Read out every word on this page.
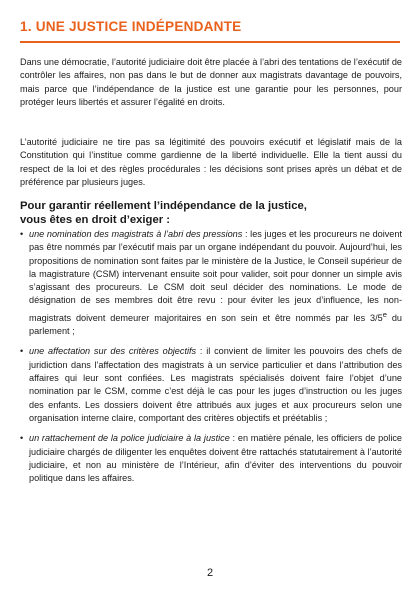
1. UNE JUSTICE INDÉPENDANTE

Dans une démocratie, l’autorité judiciaire doit être placée à l’abri des tentations de l’exécutif de contrôler les affaires, non pas dans le but de donner aux magistrats davantage de pouvoirs, mais parce que l’indépendance de la justice est une garantie pour les personnes, pour protéger leurs libertés et assurer l’égalité en droits.

L’autorité judiciaire ne tire pas sa légitimité des pouvoirs exécutif et législatif mais de la Constitution qui l’institue comme gardienne de la liberté individuelle. Elle la tient aussi du respect de la loi et des règles procédurales : les décisions sont prises après un débat et de préférence par plusieurs juges.

Pour garantir réellement l’indépendance de la justice,
vous êtes en droit d’exiger :
• une nomination des magistrats à l’abri des pressions : les juges et les procureurs ne doivent pas être nommés par l’exécutif mais par un organe indépendant du pouvoir. Aujourd’hui, les propositions de nomination sont faites par le ministère de la Justice, le Conseil supérieur de la magistrature (CSM) intervenant ensuite soit pour valider, soit pour donner un simple avis s’agissant des procureurs. Le CSM doit seul décider des nominations. Le mode de désignation de ses membres doit être revu : pour éviter les jeux d’influence, les non-magistrats doivent demeurer majoritaires en son sein et être nommés par les 3/5e du parlement ;
• une affectation sur des critères objectifs : il convient de limiter les pouvoirs des chefs de juridiction dans l’affectation des magistrats à un service particulier et dans l’attribution des affaires qui leur sont confiées. Les magistrats spécialisés doivent faire l’objet d’une nomination par le CSM, comme c’est déjà le cas pour les juges d’instruction ou les juges des enfants. Les dossiers doivent être attribués aux juges et aux procureurs selon une organisation interne claire, comportant des critères objectifs et préétablis ;
• un rattachement de la police judiciaire à la justice : en matière pénale, les officiers de police judiciaire chargés de diligenter les enquêtes doivent être rattachés statutairement à l’autorité judiciaire, et non au ministère de l’Intérieur, afin d’éviter des interventions du pouvoir politique dans les affaires.
2
